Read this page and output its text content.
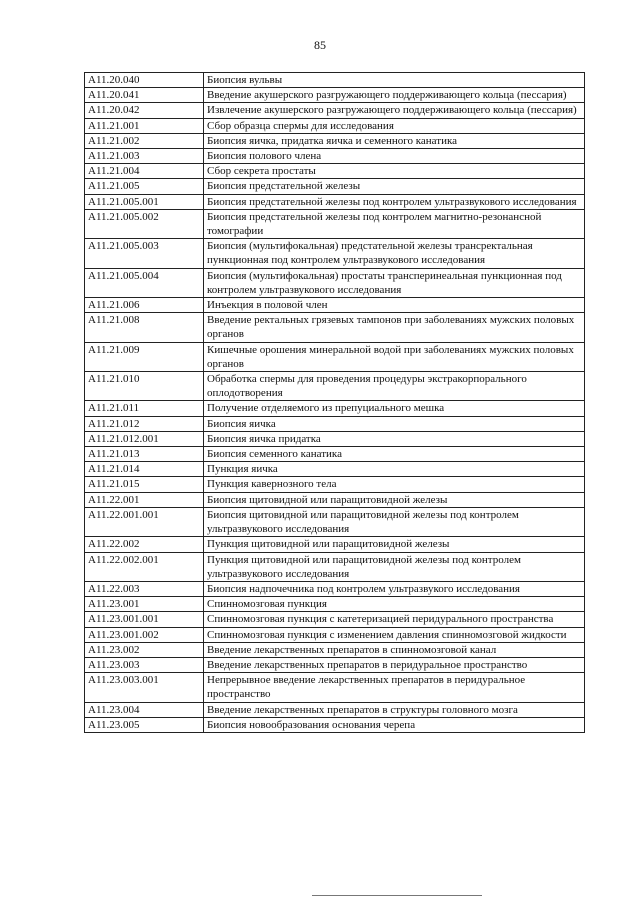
85
A11.20.040	Биопсия вульвы
A11.20.041	Введение акушерского разгружающего поддерживающего кольца (пессария)
A11.20.042	Извлечение акушерского разгружающего поддерживающего кольца (пессария)
A11.21.001	Сбор образца спермы для исследования
A11.21.002	Биопсия яичка, придатка яичка и семенного канатика
A11.21.003	Биопсия полового члена
A11.21.004	Сбор секрета простаты
A11.21.005	Биопсия предстательной железы
A11.21.005.001	Биопсия предстательной железы под контролем ультразвукового исследования
A11.21.005.002	Биопсия предстательной железы под контролем магнитно-резонансной томографии
A11.21.005.003	Биопсия (мультифокальная) предстательной железы трансректальная пункционная под контролем ультразвукового исследования
A11.21.005.004	Биопсия (мультифокальная) простаты трансперинеальная пункционная под контролем ультразвукового исследования
A11.21.006	Инъекция в половой член
A11.21.008	Введение ректальных грязевых тампонов при заболеваниях мужских половых органов
A11.21.009	Кишечные орошения минеральной водой при заболеваниях мужских половых органов
A11.21.010	Обработка спермы для проведения процедуры экстракорпорального оплодотворения
A11.21.011	Получение отделяемого из препуциального мешка
A11.21.012	Биопсия яичка
A11.21.012.001	Биопсия яичка придатка
A11.21.013	Биопсия семенного канатика
A11.21.014	Пункция яичка
A11.21.015	Пункция кавернозного тела
A11.22.001	Биопсия щитовидной или паращитовидной железы
A11.22.001.001	Биопсия щитовидной или паращитовидной железы под контролем ультразвукового исследования
A11.22.002	Пункция щитовидной или паращитовидной железы
A11.22.002.001	Пункция щитовидной или паращитовидной железы под контролем ультразвукового исследования
A11.22.003	Биопсия надпочечника под контролем ультразвукого исследования
A11.23.001	Спинномозговая пункция
A11.23.001.001	Спинномозговая пункция с катетеризацией перидурального пространства
A11.23.001.002	Спинномозговая пункция с изменением давления спинномозговой жидкости
A11.23.002	Введение лекарственных препаратов в спинномозговой канал
A11.23.003	Введение лекарственных препаратов в перидуральное пространство
A11.23.003.001	Непрерывное введение лекарственных препаратов в перидуральное пространство
A11.23.004	Введение лекарственных препаратов в структуры головного мозга
A11.23.005	Биопсия новообразования основания черепа
